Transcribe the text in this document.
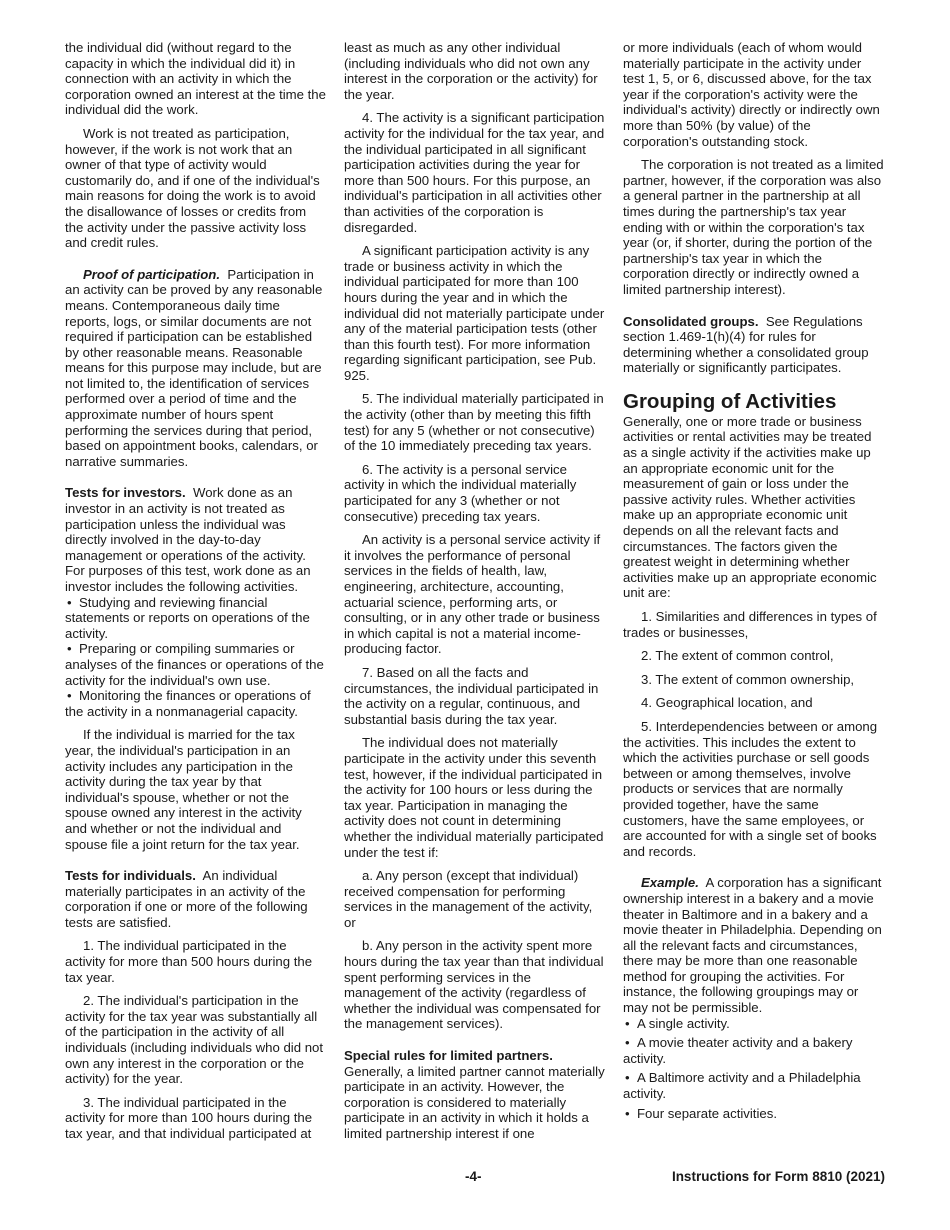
the individual did (without regard to the capacity in which the individual did it) in connection with an activity in which the corporation owned an interest at the time the individual did the work.

Work is not treated as participation, however, if the work is not work that an owner of that type of activity would customarily do, and if one of the individual's main reasons for doing the work is to avoid the disallowance of losses or credits from the activity under the passive activity loss and credit rules.

Proof of participation. Participation in an activity can be proved by any reasonable means. Contemporaneous daily time reports, logs, or similar documents are not required if participation can be established by other reasonable means. Reasonable means for this purpose may include, but are not limited to, the identification of services performed over a period of time and the approximate number of hours spent performing the services during that period, based on appointment books, calendars, or narrative summaries.

Tests for investors. Work done as an investor in an activity is not treated as participation unless the individual was directly involved in the day-to-day management or operations of the activity. For purposes of this test, work done as an investor includes the following activities.

• Studying and reviewing financial statements or reports on operations of the activity.
• Preparing or compiling summaries or analyses of the finances or operations of the activity for the individual's own use.
• Monitoring the finances or operations of the activity in a nonmanagerial capacity.

If the individual is married for the tax year, the individual's participation in an activity includes any participation in the activity during the tax year by that individual's spouse, whether or not the spouse owned any interest in the activity and whether or not the individual and spouse file a joint return for the tax year.

Tests for individuals. An individual materially participates in an activity of the corporation if one or more of the following tests are satisfied.

1. The individual participated in the activity for more than 500 hours during the tax year.

2. The individual's participation in the activity for the tax year was substantially all of the participation in the activity of all individuals (including individuals who did not own any interest in the corporation or the activity) for the year.

3. The individual participated in the activity for more than 100 hours during the tax year, and that individual participated at

least as much as any other individual (including individuals who did not own any interest in the corporation or the activity) for the year.

4. The activity is a significant participation activity for the individual for the tax year, and the individual participated in all significant participation activities during the year for more than 500 hours. For this purpose, an individual's participation in all activities other than activities of the corporation is disregarded.

A significant participation activity is any trade or business activity in which the individual participated for more than 100 hours during the year and in which the individual did not materially participate under any of the material participation tests (other than this fourth test). For more information regarding significant participation, see Pub. 925.

5. The individual materially participated in the activity (other than by meeting this fifth test) for any 5 (whether or not consecutive) of the 10 immediately preceding tax years.

6. The activity is a personal service activity in which the individual materially participated for any 3 (whether or not consecutive) preceding tax years.

An activity is a personal service activity if it involves the performance of personal services in the fields of health, law, engineering, architecture, accounting, actuarial science, performing arts, or consulting, or in any other trade or business in which capital is not a material income-producing factor.

7. Based on all the facts and circumstances, the individual participated in the activity on a regular, continuous, and substantial basis during the tax year.

The individual does not materially participate in the activity under this seventh test, however, if the individual participated in the activity for 100 hours or less during the tax year. Participation in managing the activity does not count in determining whether the individual materially participated under the test if:

a. Any person (except that individual) received compensation for performing services in the management of the activity, or

b. Any person in the activity spent more hours during the tax year than that individual spent performing services in the management of the activity (regardless of whether the individual was compensated for the management services).

Special rules for limited partners.
Generally, a limited partner cannot materially participate in an activity. However, the corporation is considered to materially participate in an activity in which it holds a limited partnership interest if one

or more individuals (each of whom would materially participate in the activity under test 1, 5, or 6, discussed above, for the tax year if the corporation's activity were the individual's activity) directly or indirectly own more than 50% (by value) of the corporation's outstanding stock.

The corporation is not treated as a limited partner, however, if the corporation was also a general partner in the partnership at all times during the partnership's tax year ending with or within the corporation's tax year (or, if shorter, during the portion of the partnership's tax year in which the corporation directly or indirectly owned a limited partnership interest).

Consolidated groups. See Regulations section 1.469-1(h)(4) for rules for determining whether a consolidated group materially or significantly participates.

Grouping of Activities

Generally, one or more trade or business activities or rental activities may be treated as a single activity if the activities make up an appropriate economic unit for the measurement of gain or loss under the passive activity rules. Whether activities make up an appropriate economic unit depends on all the relevant facts and circumstances. The factors given the greatest weight in determining whether activities make up an appropriate economic unit are:

1. Similarities and differences in types of trades or businesses,

2. The extent of common control,

3. The extent of common ownership,

4. Geographical location, and

5. Interdependencies between or among the activities. This includes the extent to which the activities purchase or sell goods between or among themselves, involve products or services that are normally provided together, have the same customers, have the same employees, or are accounted for with a single set of books and records.

Example. A corporation has a significant ownership interest in a bakery and a movie theater in Baltimore and in a bakery and a movie theater in Philadelphia. Depending on all the relevant facts and circumstances, there may be more than one reasonable method for grouping the activities. For instance, the following groupings may or may not be permissible.

• A single activity.
• A movie theater activity and a bakery activity.
• A Baltimore activity and a Philadelphia activity.
• Four separate activities.
-4-	Instructions for Form 8810 (2021)
